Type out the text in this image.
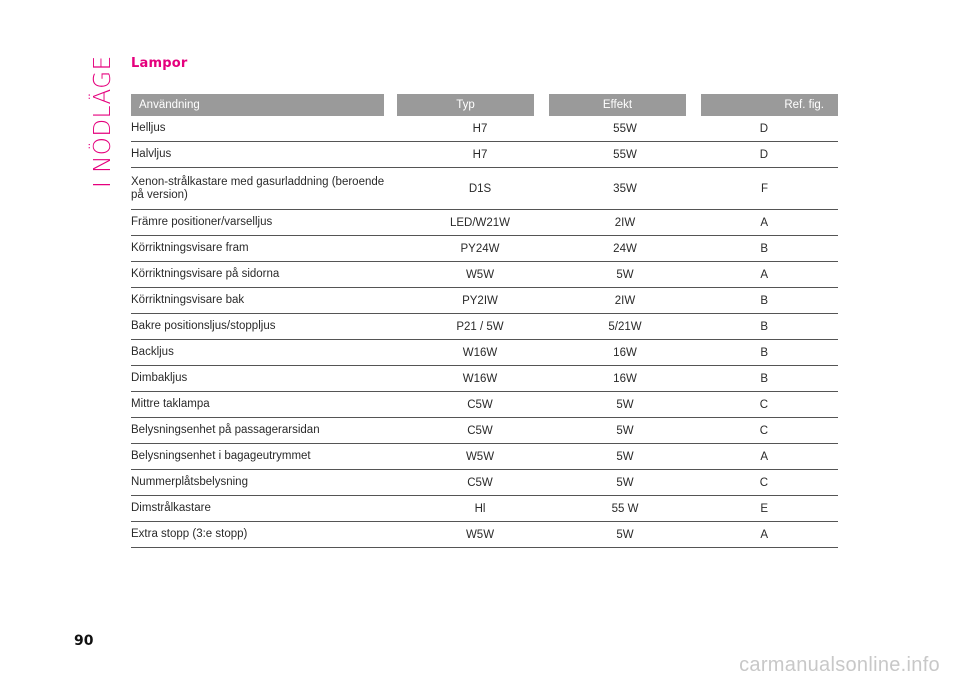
I NÖDLÄGE Lampor
Användning	Typ	Effekt	Ref. fig.
Helljus	H7	55W	D
Halvljus	H7	55W	D
Xenon-strålkastare med gasurladdning (beroende på version)	D1S	35W	F
Främre positioner/varselljus	LED/W21W	2IW	A
Körriktningsvisare fram	PY24W	24W	B
Körriktningsvisare på sidorna	W5W	5W	A
Körriktningsvisare bak	PY2IW	2IW	B
Bakre positionsljus/stoppljus	P21 / 5W	5/21W	B
Backljus	W16W	16W	B
Dimbakljus	W16W	16W	B
Mittre taklampa	C5W	5W	C
Belysningsenhet på passagerarsidan	C5W	5W	C
Belysningsenhet i bagageutrymmet	W5W	5W	A
Nummerplåtsbelysning	C5W	5W	C
Dimstrålkastare	Hl	55 W	E
Extra stopp (3:e stopp)	W5W	5W	A
90
carmanualsonline.info
